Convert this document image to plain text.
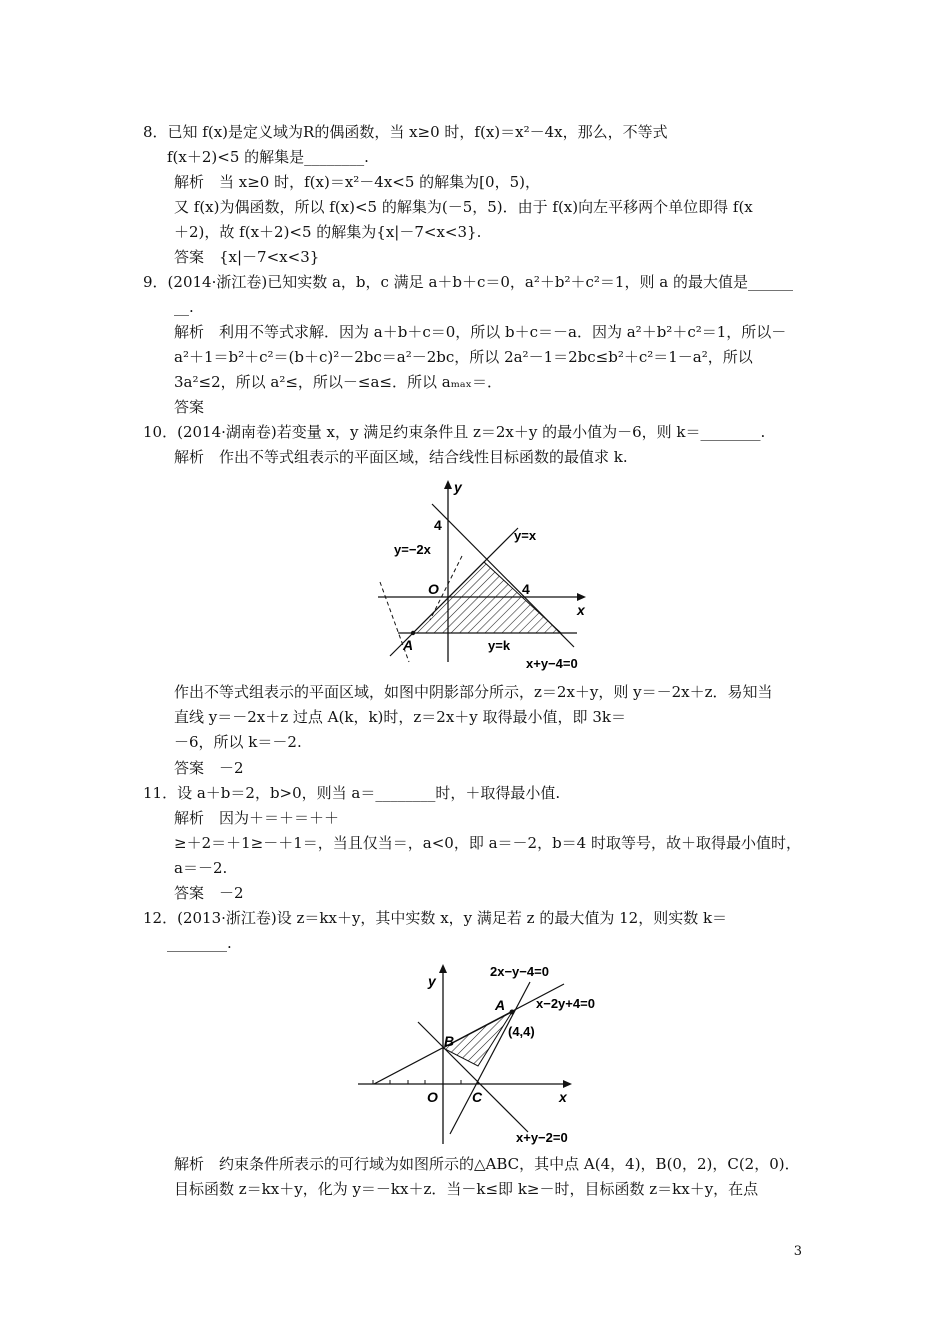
8．已知 f(x)是定义域为R的偶函数，当 x≥0 时，f(x)＝x²－4x，那么，不等式
f(x＋2)<5 的解集是________.
解析　当 x≥0 时，f(x)＝x²－4x<5 的解集为[0，5)，
又 f(x)为偶函数，所以 f(x)<5 的解集为(－5，5)．由于 f(x)向左平移两个单位即得 f(x
＋2)，故 f(x＋2)<5 的解集为{x|－7<x<3}.
答案　{x|－7<x<3}
9．(2014·浙江卷)已知实数 a，b，c 满足 a＋b＋c＝0，a²＋b²＋c²＝1，则 a 的最大值是______
__.
解析　利用不等式求解．因为 a＋b＋c＝0，所以 b＋c＝－a．因为 a²＋b²＋c²＝1，所以－
a²＋1＝b²＋c²＝(b＋c)²－2bc＝a²－2bc，所以 2a²－1＝2bc≤b²＋c²＝1－a²，所以
3a²≤2，所以 a²≤，所以－≤a≤．所以 aₘₐₓ＝．
答案
10．(2014·湖南卷)若变量 x，y 满足约束条件且 z＝2x＋y 的最小值为－6，则 k＝________.
解析　作出不等式组表示的平面区域，结合线性目标函数的最值求 k.
y
x
O
4
4
y=x
y=−2x
y=k
x+y−4=0
A
作出不等式组表示的平面区域，如图中阴影部分所示，z＝2x＋y，则 y＝－2x＋z．易知当
直线 y＝－2x＋z 过点 A(k，k)时，z＝2x＋y 取得最小值，即 3k＝
－6，所以 k＝－2.
答案　－2
11．设 a＋b＝2，b>0，则当 a＝________时，＋取得最小值.
解析　因为＋＝＋＝＋＋
≥＋2＝＋1≥－＋1＝，当且仅当＝，a<0，即 a＝－2，b＝4 时取等号，故＋取得最小值时，
a＝－2.
答案　－2
12．(2013·浙江卷)设 z＝kx＋y，其中实数 x，y 满足若 z 的最大值为 12，则实数 k＝
________.
y
x
O
2x−y−4=0
x−2y+4=0
x+y−2=0
A
B
C
(4,4)
解析　约束条件所表示的可行域为如图所示的△ABC，其中点 A(4，4)，B(0，2)，C(2，0)．
目标函数 z＝kx＋y，化为 y＝－kx＋z．当－k≤即 k≥－时，目标函数 z＝kx＋y，在点
3
